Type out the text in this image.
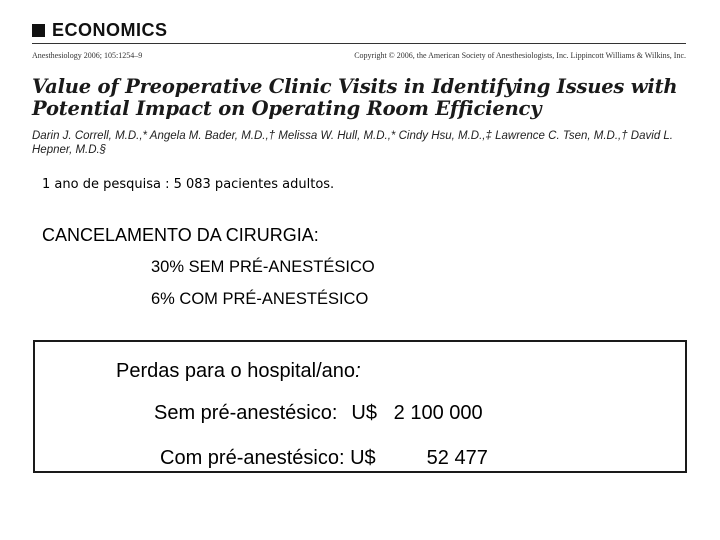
ECONOMICS
Anesthesiology 2006; 105:1254–9	Copyright © 2006, the American Society of Anesthesiologists, Inc. Lippincott Williams & Wilkins, Inc.
Value of Preoperative Clinic Visits in Identifying Issues with Potential Impact on Operating Room Efficiency
Darin J. Correll, M.D.,* Angela M. Bader, M.D.,† Melissa W. Hull, M.D.,* Cindy Hsu, M.D.,‡ Lawrence C. Tsen, M.D.,† David L. Hepner, M.D.§
1 ano de pesquisa : 5 083 pacientes adultos.
CANCELAMENTO DA CIRURGIA:
30% SEM PRÉ-ANESTÉSICO
6% COM PRÉ-ANESTÉSICO
Perdas para o hospital/ano:
Sem pré-anestésico: U$   2 100 000
Com pré-anestésico: U$	52 477
